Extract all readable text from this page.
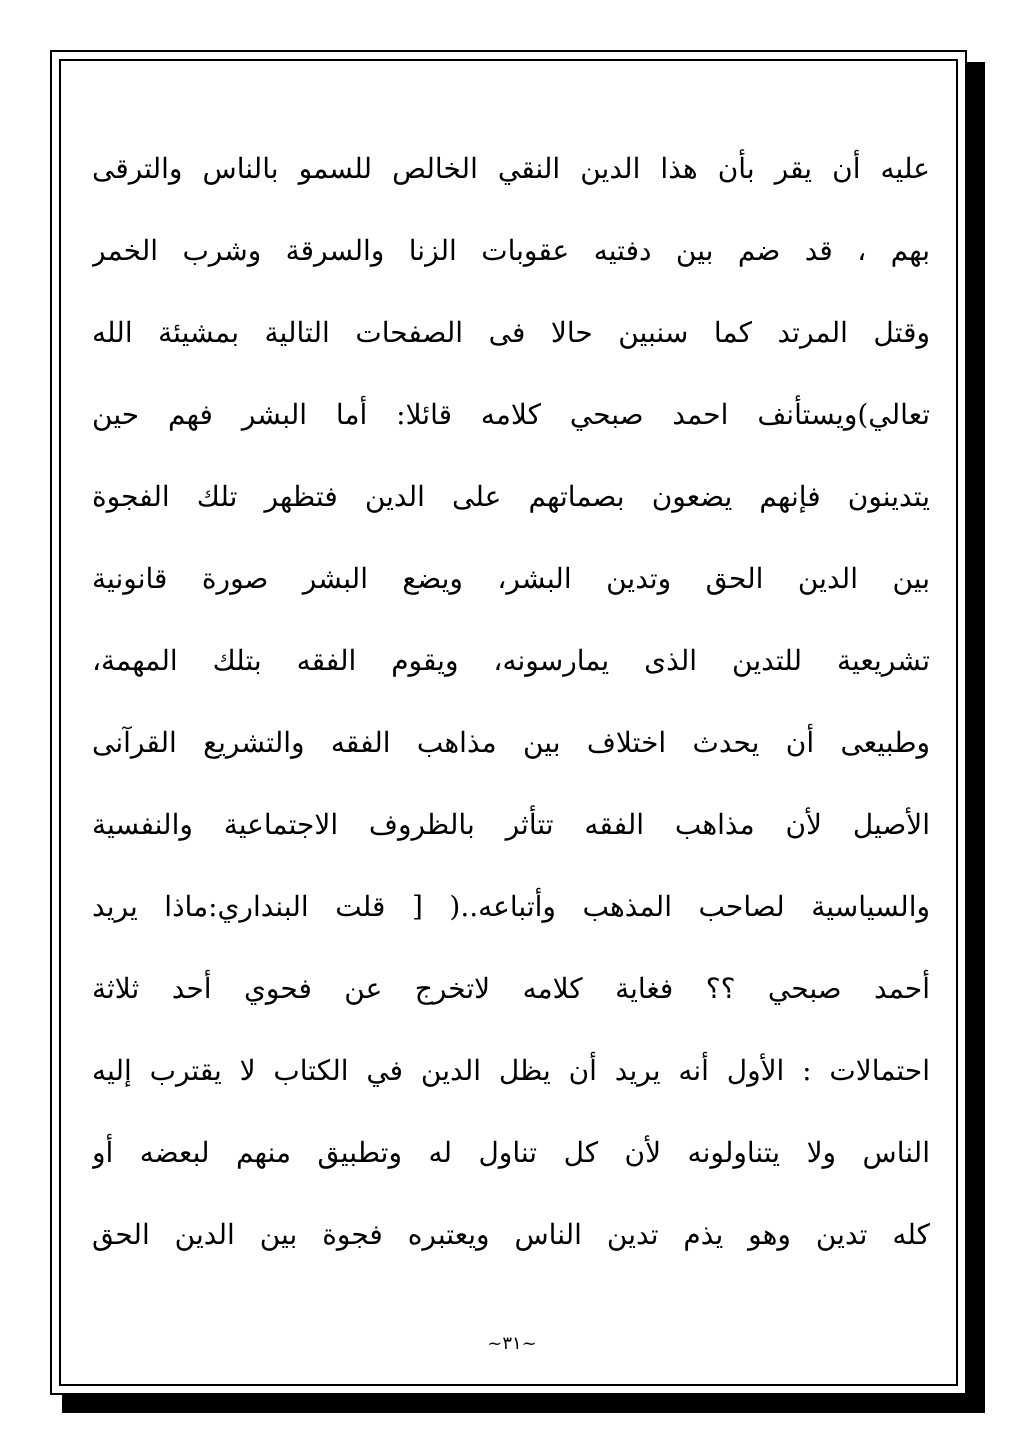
عليه أن يقر بأن هذا الدين النقي الخالص للسمو بالناس والترقى
بهم ، قد ضم بين دفتيه عقوبات الزنا والسرقة وشرب الخمر
وقتل المرتد كما سنبين حالا فى الصفحات التالية بمشيئة الله
تعالي)ويستأنف احمد صبحي كلامه قائلا: أما البشر فهم حين
يتدينون فإنهم يضعون بصماتهم على الدين فتظهر تلك الفجوة
بين الدين الحق وتدين البشر، ويضع البشر صورة قانونية
تشريعية للتدين الذى يمارسونه، ويقوم الفقه بتلك المهمة،
وطبيعى أن يحدث اختلاف بين مذاهب الفقه والتشريع القرآنى
الأصيل لأن مذاهب الفقه تتأثر بالظروف الاجتماعية والنفسية
والسياسية لصاحب المذهب وأتباعه..( [ قلت البنداري:ماذا يريد
أحمد صبحي ؟؟ فغاية كلامه لاتخرج عن فحوي أحد ثلاثة
احتمالات : الأول أنه يريد أن يظل الدين في الكتاب لا يقترب إليه
الناس ولا يتناولونه لأن كل تناول له وتطبيق منهم لبعضه أو
كله تدين وهو يذم تدين الناس ويعتبره فجوة بين الدين الحق
~٣١~
